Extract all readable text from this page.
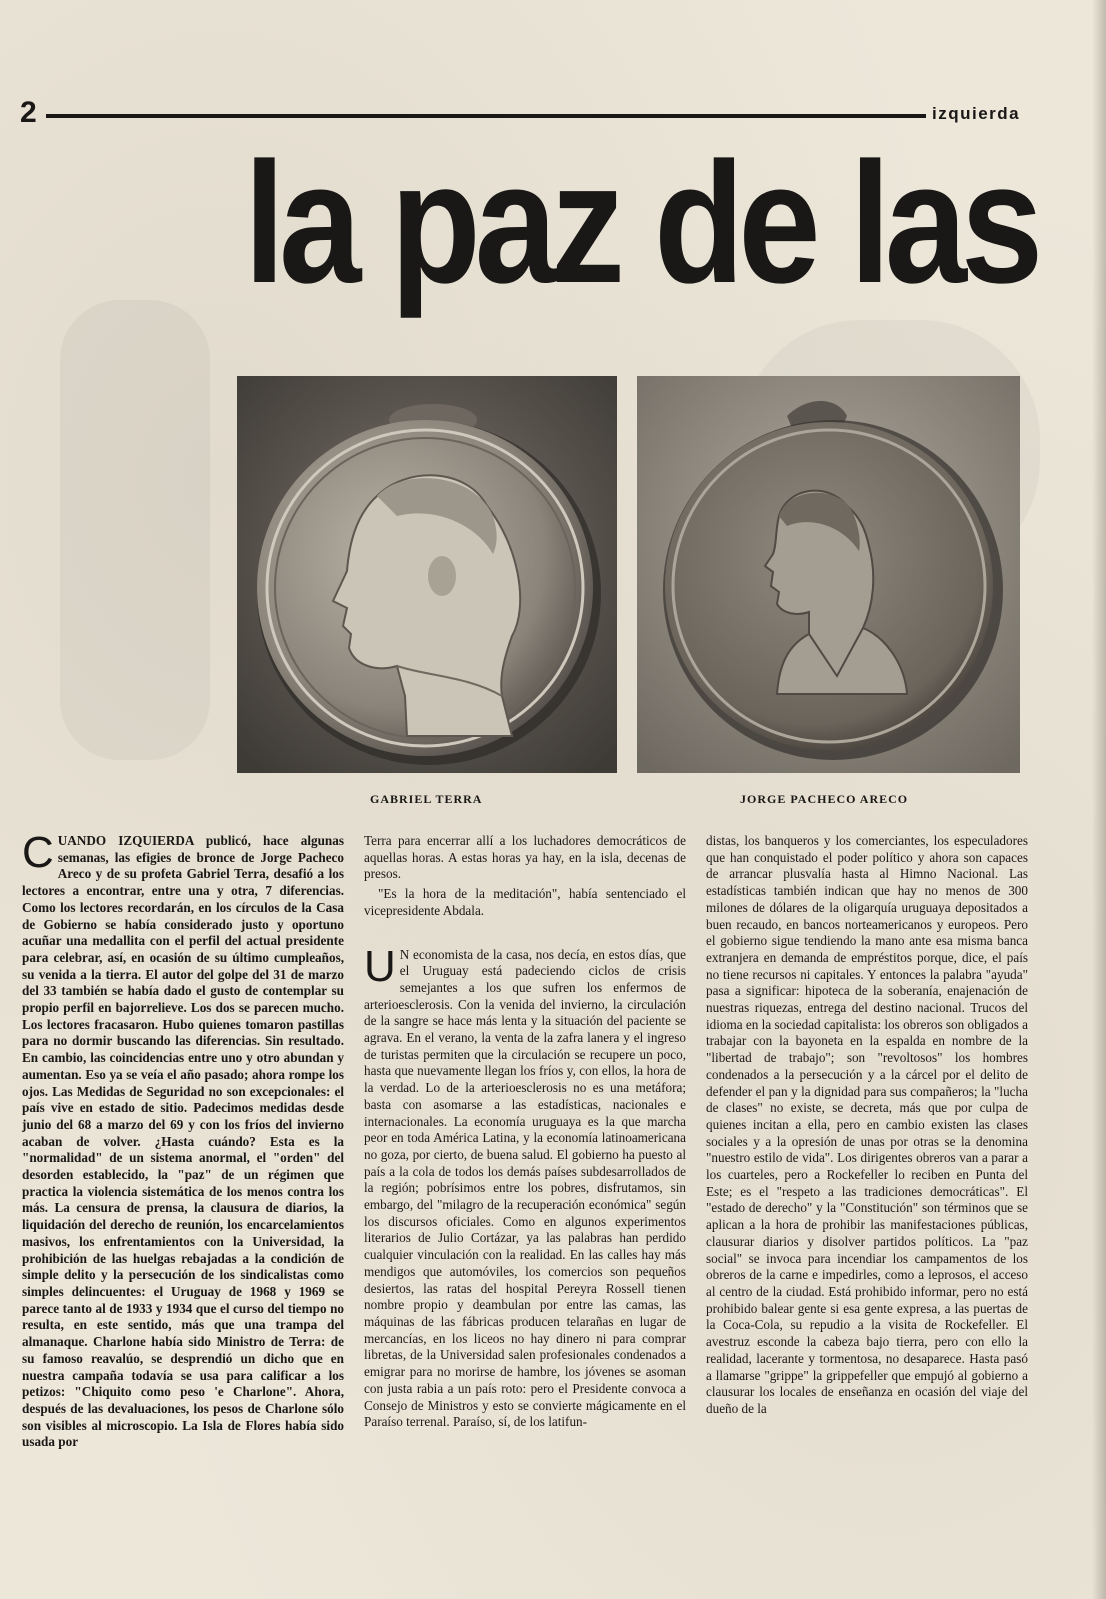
2	izquierda
la paz de las
GABRIEL TERRA	JORGE PACHECO ARECO

CUANDO IZQUIERDA publicó, hace algunas semanas, las efigies de bronce de Jorge Pacheco Areco y de su profeta Gabriel Terra, desafió a los lectores a encontrar, entre una y otra, 7 diferencias. Como los lectores recordarán, en los círculos de la Casa de Gobierno se había considerado justo y oportuno acuñar una medallita con el perfil del actual presidente para celebrar, así, en ocasión de su último cumpleaños, su venida a la tierra. El autor del golpe del 31 de marzo del 33 también se había dado el gusto de contemplar su propio perfil en bajorrelieve. Los dos se parecen mucho. Los lectores fracasaron. Hubo quienes tomaron pastillas para no dormir buscando las diferencias. Sin resultado. En cambio, las coincidencias entre uno y otro abundan y aumentan. Eso ya se veía el año pasado; ahora rompe los ojos. Las Medidas de Seguridad no son excepcionales: el país vive en estado de sitio. Padecimos medidas desde junio del 68 a marzo del 69 y con los fríos del invierno acaban de volver. ¿Hasta cuándo? Esta es la "normalidad" de un sistema anormal, el "orden" del desorden establecido, la "paz" de un régimen que practica la violencia sistemática de los menos contra los más. La censura de prensa, la clausura de diarios, la liquidación del derecho de reunión, los encarcelamientos masivos, los enfrentamientos con la Universidad, la prohibición de las huelgas rebajadas a la condición de simple delito y la persecución de los sindicalistas como simples delincuentes: el Uruguay de 1968 y 1969 se parece tanto al de 1933 y 1934 que el curso del tiempo no resulta, en este sentido, más que una trampa del almanaque. Charlone había sido Ministro de Terra: de su famoso reavalúo, se desprendió un dicho que en nuestra campaña todavía se usa para calificar a los petizos: "Chiquito como peso 'e Charlone". Ahora, después de las devaluaciones, los pesos de Charlone sólo son visibles al microscopio. La Isla de Flores había sido usada por

Terra para encerrar allí a los luchadores democráticos de aquellas horas. A estas horas ya hay, en la isla, decenas de presos.

"Es la hora de la meditación", había sentenciado el vicepresidente Abdala.

U N economista de la casa, nos decía, en estos días, que el Uruguay está padeciendo ciclos de crisis semejantes a los que sufren los enfermos de arterioesclerosis. Con la venida del invierno, la circulación de la sangre se hace más lenta y la situación del paciente se agrava. En el verano, la venta de la zafra lanera y el ingreso de turistas permiten que la circulación se recupere un poco, hasta que nuevamente llegan los fríos y, con ellos, la hora de la verdad. Lo de la arterioesclerosis no es una metáfora; basta con asomarse a las estadísticas, nacionales e internacionales. La economía uruguaya es la que marcha peor en toda América Latina, y la economía latinoamericana no goza, por cierto, de buena salud. El gobierno ha puesto al país a la cola de todos los demás países subdesarrollados de la región; pobrísimos entre los pobres, disfrutamos, sin embargo, del "milagro de la recuperación económica" según los discursos oficiales. Como en algunos experimentos literarios de Julio Cortázar, ya las palabras han perdido cualquier vinculación con la realidad. En las calles hay más mendigos que automóviles, los comercios son pequeños desiertos, las ratas del hospital Pereyra Rossell tienen nombre propio y deambulan por entre las camas, las máquinas de las fábricas producen telarañas en lugar de mercancías, en los liceos no hay dinero ni para comprar libretas, de la Universidad salen profesionales condenados a emigrar para no morirse de hambre, los jóvenes se asoman con justa rabia a un país roto: pero el Presidente convoca a Consejo de Ministros y esto se convierte mágicamente en el Paraíso terrenal. Paraíso, sí, de los latifun-

distas, los banqueros y los comerciantes, los especuladores que han conquistado el poder político y ahora son capaces de arrancar plusvalía hasta al Himno Nacional. Las estadísticas también indican que hay no menos de 300 milones de dólares de la oligarquía uruguaya depositados a buen recaudo, en bancos norteamericanos y europeos. Pero el gobierno sigue tendiendo la mano ante esa misma banca extranjera en demanda de empréstitos porque, dice, el país no tiene recursos ni capitales. Y entonces la palabra "ayuda" pasa a significar: hipoteca de la soberanía, enajenación de nuestras riquezas, entrega del destino nacional. Trucos del idioma en la sociedad capitalista: los obreros son obligados a trabajar con la bayoneta en la espalda en nombre de la "libertad de trabajo"; son "revoltosos" los hombres condenados a la persecución y a la cárcel por el delito de defender el pan y la dignidad para sus compañeros; la "lucha de clases" no existe, se decreta, más que por culpa de quienes incitan a ella, pero en cambio existen las clases sociales y a la opresión de unas por otras se la denomina "nuestro estilo de vida". Los dirigentes obreros van a parar a los cuarteles, pero a Rockefeller lo reciben en Punta del Este; es el "respeto a las tradiciones democráticas". El "estado de derecho" y la "Constitución" son términos que se aplican a la hora de prohibir las manifestaciones públicas, clausurar diarios y disolver partidos políticos. La "paz social" se invoca para incendiar los campamentos de los obreros de la carne e impedirles, como a leprosos, el acceso al centro de la ciudad. Está prohibido informar, pero no está prohibido balear gente si esa gente expresa, a las puertas de la Coca-Cola, su repudio a la visita de Rockefeller. El avestruz esconde la cabeza bajo tierra, pero con ello la realidad, lacerante y tormentosa, no desaparece. Hasta pasó a llamarse "grippe" la grippefeller que empujó al gobierno a clausurar los locales de enseñanza en ocasión del viaje del dueño de la
